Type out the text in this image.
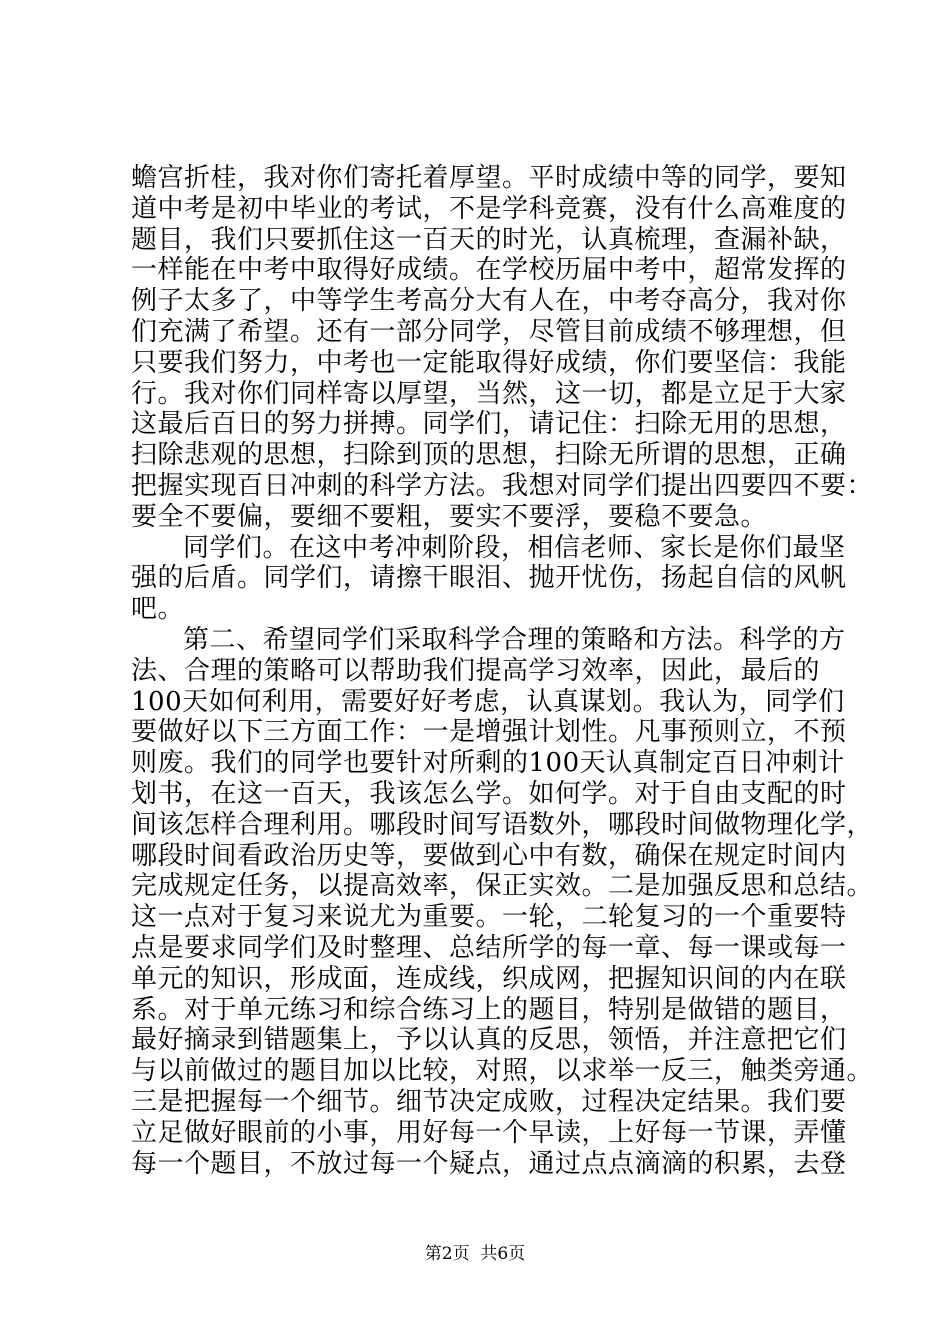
蟾宫折桂，我对你们寄托着厚望。平时成绩中等的同学，要知
道中考是初中毕业的考试，不是学科竞赛，没有什么高难度的
题目，我们只要抓住这一百天的时光，认真梳理，查漏补缺，
一样能在中考中取得好成绩。在学校历届中考中，超常发挥的
例子太多了，中等学生考高分大有人在，中考夺高分，我对你
们充满了希望。还有一部分同学，尽管目前成绩不够理想，但
只要我们努力，中考也一定能取得好成绩，你们要坚信：我能
行。我对你们同样寄以厚望，当然，这一切，都是立足于大家
这最后百日的努力拼搏。同学们，请记住：扫除无用的思想，
扫除悲观的思想，扫除到顶的思想，扫除无所谓的思想，正确
把握实现百日冲刺的科学方法。我想对同学们提出四要四不要：
要全不要偏，要细不要粗，要实不要浮，要稳不要急。
同学们。在这中考冲刺阶段，相信老师、家长是你们最坚
强的后盾。同学们，请擦干眼泪、抛开忧伤，扬起自信的风帆
吧。
第二、希望同学们采取科学合理的策略和方法。科学的方
法、合理的策略可以帮助我们提高学习效率，因此，最后的
100天如何利用，需要好好考虑，认真谋划。我认为，同学们
要做好以下三方面工作：一是增强计划性。凡事预则立，不预
则废。我们的同学也要针对所剩的100天认真制定百日冲刺计
划书，在这一百天，我该怎么学。如何学。对于自由支配的时
间该怎样合理利用。哪段时间写语数外，哪段时间做物理化学，
哪段时间看政治历史等，要做到心中有数，确保在规定时间内
完成规定任务，以提高效率，保正实效。二是加强反思和总结。
这一点对于复习来说尤为重要。一轮，二轮复习的一个重要特
点是要求同学们及时整理、总结所学的每一章、每一课或每一
单元的知识，形成面，连成线，织成网，把握知识间的内在联
系。对于单元练习和综合练习上的题目，特别是做错的题目，
最好摘录到错题集上，予以认真的反思，领悟，并注意把它们
与以前做过的题目加以比较，对照，以求举一反三，触类旁通。
三是把握每一个细节。细节决定成败，过程决定结果。我们要
立足做好眼前的小事，用好每一个早读，上好每一节课，弄懂
每一个题目，不放过每一个疑点，通过点点滴滴的积累，去登
第2页  共6页
